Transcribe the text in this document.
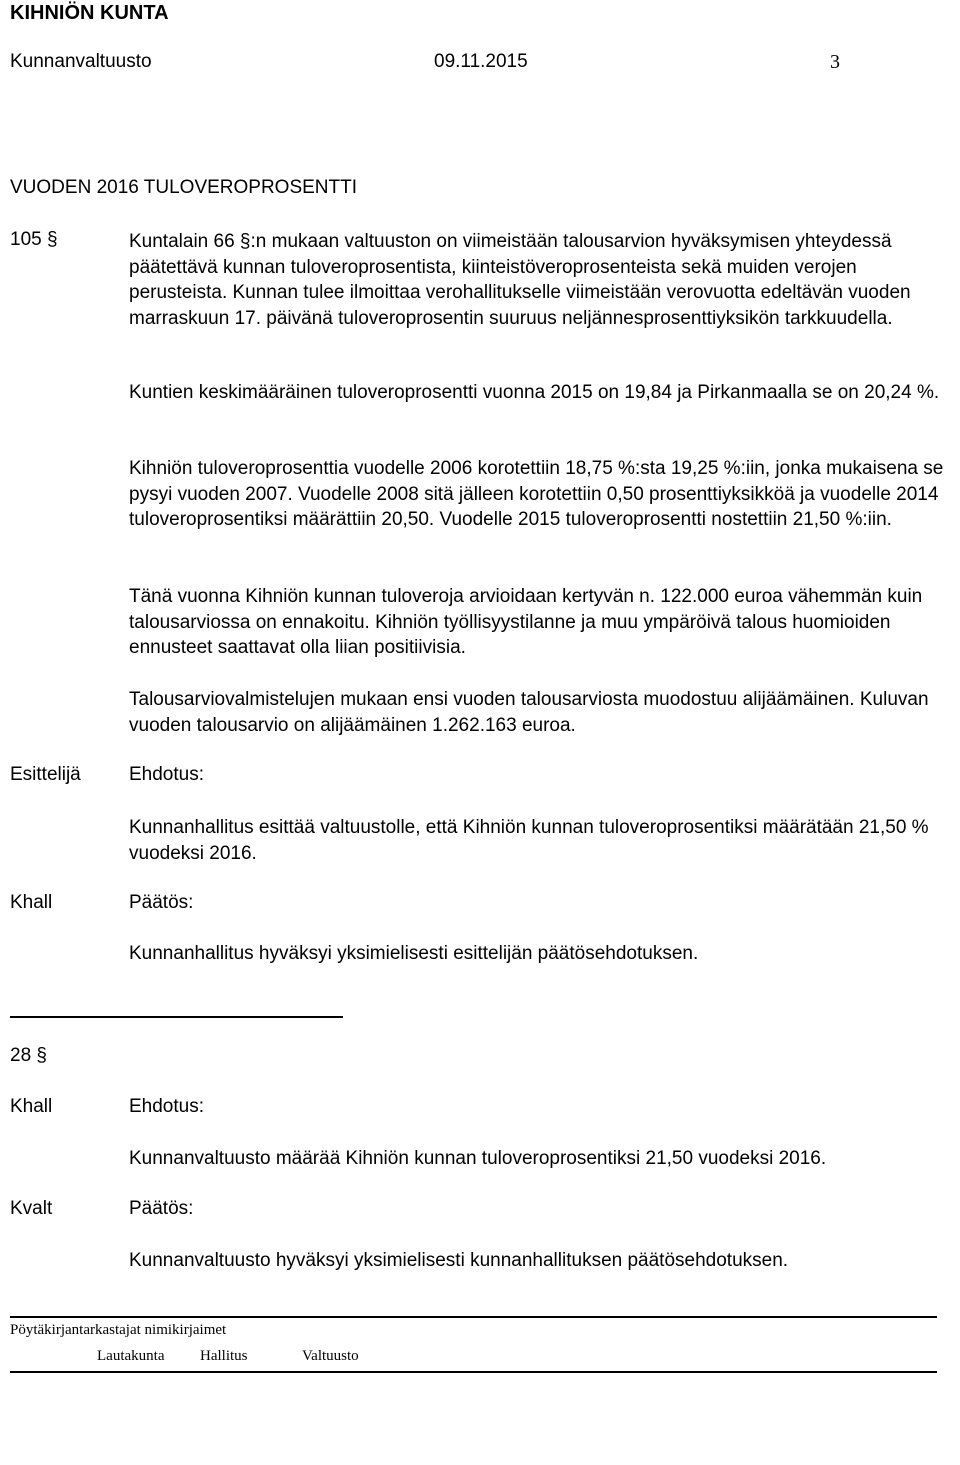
KIHNIÖN KUNTA
Kunnanvaltuusto	09.11.2015	3
VUODEN 2016 TULOVEROPROSENTTI
105 §	Kuntalain 66 §:n mukaan valtuuston on viimeistään talousarvion hyväksymisen yhteydessä päätettävä kunnan tuloveroprosentista, kiinteistöveroprosenteista sekä muiden verojen perusteista. Kunnan tulee ilmoittaa verohallitukselle viimeistään verovuotta edeltävän vuoden marraskuun 17. päivänä tuloveroprosentin suuruus neljännesprosenttiyksikön tarkkuudella.

Kuntien keskimääräinen tuloveroprosentti vuonna 2015 on 19,84 ja Pirkanmaalla se on 20,24 %.

Kihniön tuloveroprosenttia vuodelle 2006 korotettiin 18,75 %:sta 19,25 %:iin, jonka mukaisena se pysyi vuoden 2007. Vuodelle 2008 sitä jälleen korotettiin 0,50 prosenttiyksikköä ja vuodelle 2014 tuloveroprosentiksi määrättiin 20,50. Vuodelle 2015 tuloveroprosentti nostettiin 21,50 %:iin.

Tänä vuonna Kihniön kunnan tuloveroja arvioidaan kertyvän n. 122.000 euroa vähemmän kuin talousarviossa on ennakoitu. Kihniön työllisyystilanne ja muu ympäröivä talous huomioiden ennusteet saattavat olla liian positiivisia.

Talousarviovalmistelujen mukaan ensi vuoden talousarviosta muodostuu alijäämäinen. Kuluvan vuoden talousarvio on alijäämäinen 1.262.163 euroa.

Esittelijä	Ehdotus:

Kunnanhallitus esittää valtuustolle, että Kihniön kunnan tuloveroprosentiksi määrätään 21,50 % vuodeksi 2016.

Khall	Päätös:
Kunnanhallitus hyväksyi yksimielisesti esittelijän päätösehdotuksen.
28 §
Khall	Ehdotus:
Kunnanvaltuusto määrää Kihniön kunnan tuloveroprosentiksi 21,50 vuodeksi 2016.
Kvalt	Päätös:
Kunnanvaltuusto hyväksyi yksimielisesti kunnanhallituksen päätösehdotuksen.
Pöytäkirjantarkastajat nimikirjaimet
Lautakunta Hallitus	Valtuusto
